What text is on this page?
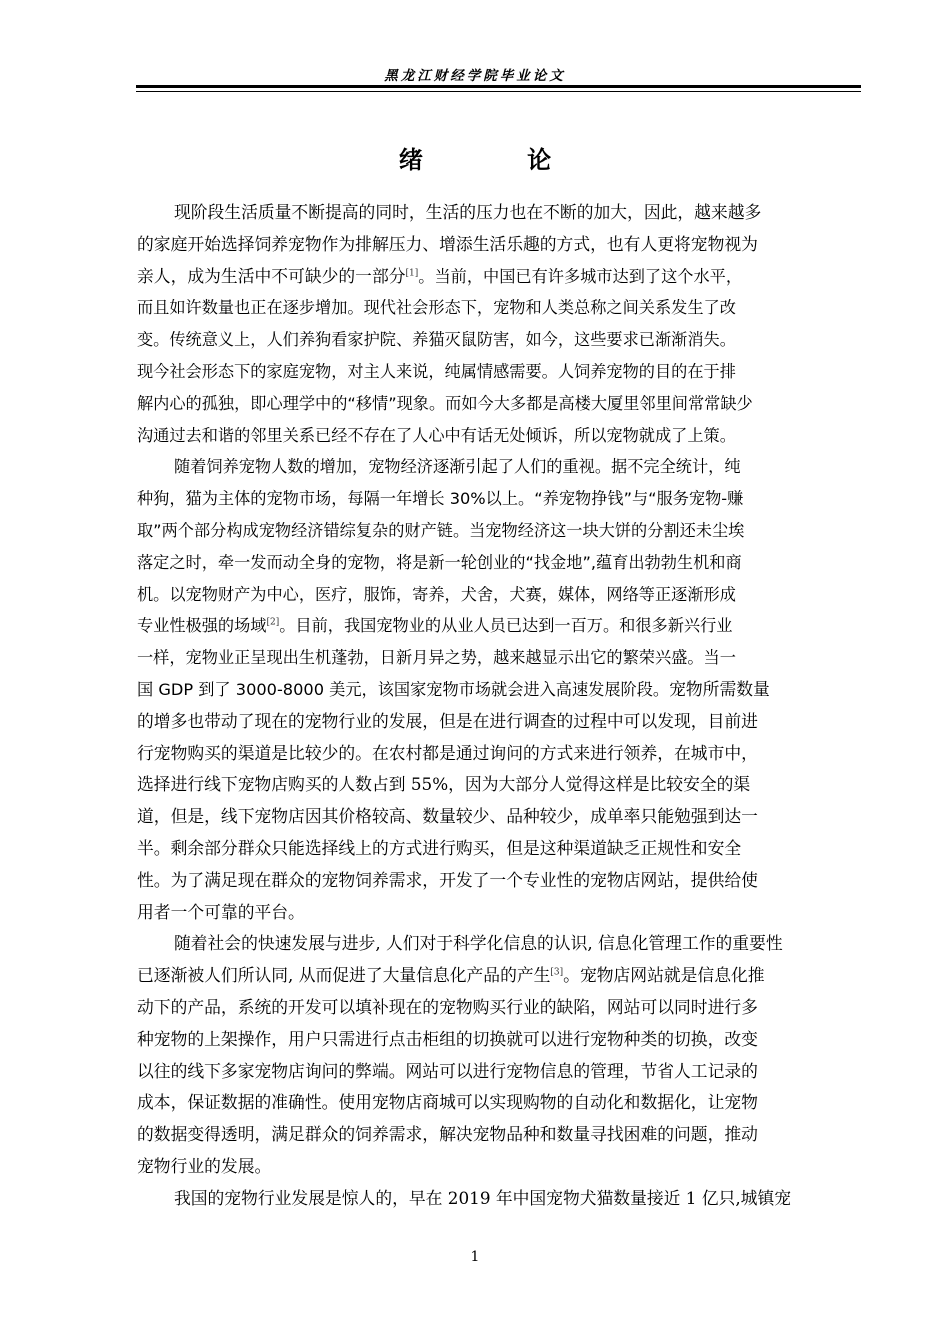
黑龙江财经学院毕业论文
绪 论

现阶段生活质量不断提高的同时，生活的压力也在不断的加大，因此，越来越多
的家庭开始选择饲养宠物作为排解压力、增添生活乐趣的方式，也有人更将宠物视为
亲人，成为生活中不可缺少的一部分[1]。当前，中国已有许多城市达到了这个水平，
而且如许数量也正在逐步增加。现代社会形态下，宠物和人类总称之间关系发生了改
变。传统意义上，人们养狗看家护院、养猫灭鼠防害，如今，这些要求已渐渐消失。
现今社会形态下的家庭宠物，对主人来说，纯属情感需要。人饲养宠物的目的在于排
解内心的孤独，即心理学中的“移情”现象。而如今大多都是高楼大厦里邻里间常常缺少
沟通过去和谐的邻里关系已经不存在了人心中有话无处倾诉，所以宠物就成了上策。

随着饲养宠物人数的增加，宠物经济逐渐引起了人们的重视。据不完全统计，纯
种狗，猫为主体的宠物市场，每隔一年增长 30%以上。“养宠物挣钱”与“服务宠物-赚
取”两个部分构成宠物经济错综复杂的财产链。当宠物经济这一块大饼的分割还未尘埃
落定之时，牵一发而动全身的宠物，将是新一轮创业的“找金地”,蕴育出勃勃生机和商
机。以宠物财产为中心，医疗，服饰，寄养，犬舍，犬赛，媒体，网络等正逐渐形成
专业性极强的场域[2]。目前，我国宠物业的从业人员已达到一百万。和很多新兴行业
一样，宠物业正呈现出生机蓬勃，日新月异之势，越来越显示出它的繁荣兴盛。当一
国 GDP 到了 3000-8000 美元，该国家宠物市场就会进入高速发展阶段。宠物所需数量
的增多也带动了现在的宠物行业的发展，但是在进行调查的过程中可以发现，目前进
行宠物购买的渠道是比较少的。在农村都是通过询问的方式来进行领养，在城市中，
选择进行线下宠物店购买的人数占到 55%，因为大部分人觉得这样是比较安全的渠
道，但是，线下宠物店因其价格较高、数量较少、品种较少，成单率只能勉强到达一
半。剩余部分群众只能选择线上的方式进行购买，但是这种渠道缺乏正规性和安全
性。为了满足现在群众的宠物饲养需求，开发了一个专业性的宠物店网站，提供给使
用者一个可靠的平台。

随着社会的快速发展与进步, 人们对于科学化信息的认识, 信息化管理工作的重要性
已逐渐被人们所认同, 从而促进了大量信息化产品的产生[3]。宠物店网站就是信息化推
动下的产品，系统的开发可以填补现在的宠物购买行业的缺陷，网站可以同时进行多
种宠物的上架操作，用户只需进行点击柜组的切换就可以进行宠物种类的切换，改变
以往的线下多家宠物店询问的弊端。网站可以进行宠物信息的管理，节省人工记录的
成本，保证数据的准确性。使用宠物店商城可以实现购物的自动化和数据化，让宠物
的数据变得透明，满足群众的饲养需求，解决宠物品种和数量寻找困难的问题，推动
宠物行业的发展。

我国的宠物行业发展是惊人的，早在 2019 年中国宠物犬猫数量接近 1 亿只,城镇宠

1
